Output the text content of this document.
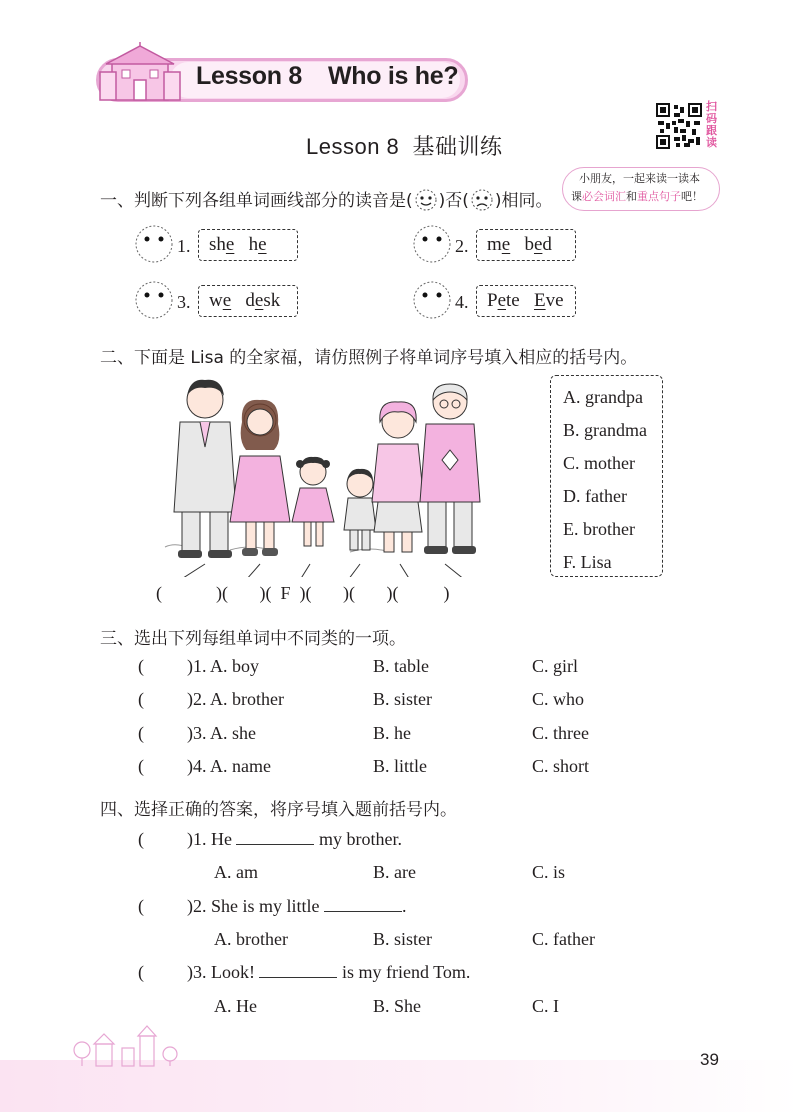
Lesson 8 Who is he?
扫
码
跟
读
Lesson 8  基础训练
小朋友，一起来读一读本
课必会词汇和重点句子吧！
一、判断下列各组单词画线部分的读音是( )否( )相同。
1. she he	2. me bed
3. we desk	4. Pete Eve
二、下面是 Lisa 的全家福，请仿照例子将单词序号填入相应的括号内。
A. grandpa
B. grandma
C. mother
D. father
E. brother
F. Lisa
(	)( )( F )( )( )(	)
三、选出下列每组单词中不同类的一项。
( )1. A. boy	B. table	C. girl
( )2. A. brother	B. sister	C. who
( )3. A. she	B. he	C. three
( )4. A. name	B. little	C. short
四、选择正确的答案，将序号填入题前括号内。
( )1. He	my brother.
A. am	B. are	C. is
( )2. She is my little	.
A. brother	B. sister	C. father
( )3. Look!	is my friend Tom.
A. He	B. She	C. I
39
